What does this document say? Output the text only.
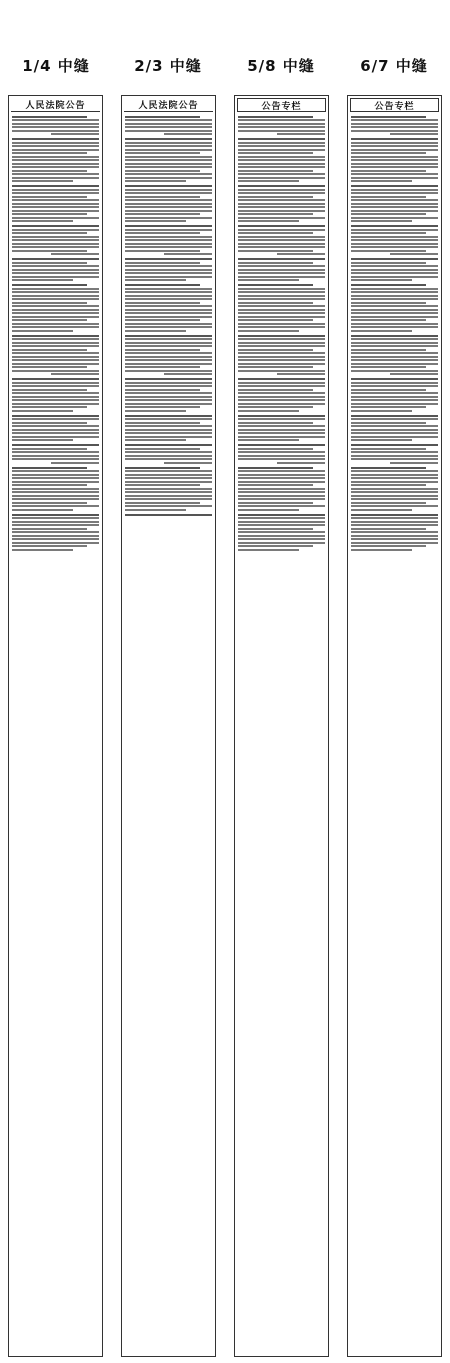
1/4 中缝	2/3 中缝	5/8 中缝	6/7 中缝
人民法院公告	人民法院公告	公告专栏	公告专栏
